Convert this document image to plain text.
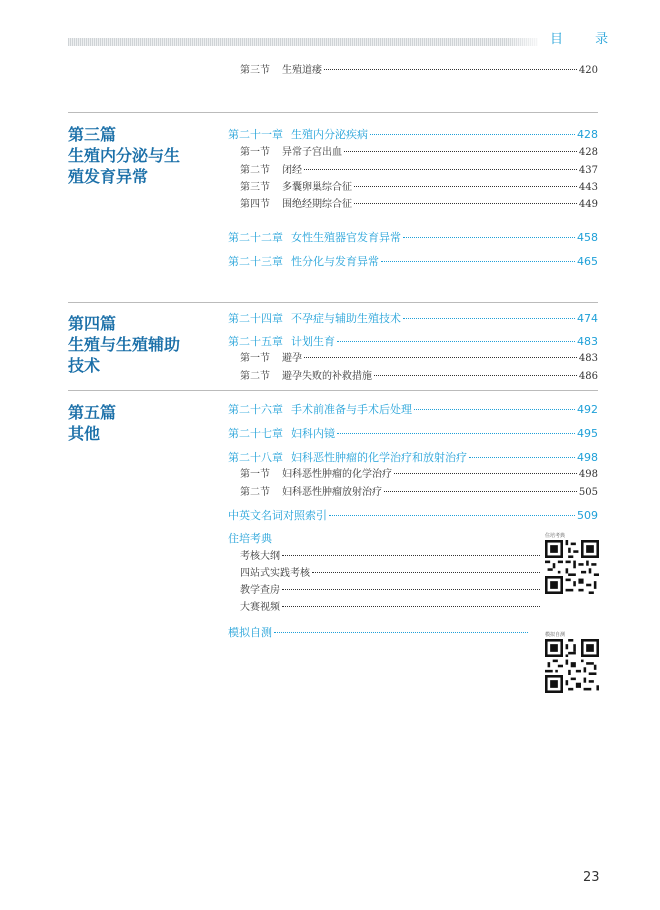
目 录
第三节 生殖道瘘	420
第三篇
生殖内分泌与生
殖发育异常
第二十一章 生殖内分泌疾病	428
第一节 异常子宫出血	428
第二节 闭经	437
第三节 多囊卵巢综合征	443
第四节 围绝经期综合征	449
第二十二章 女性生殖器官发育异常	458
第二十三章 性分化与发育异常	465
第四篇
生殖与生殖辅助
技术
第二十四章 不孕症与辅助生殖技术	474
第二十五章 计划生育	483
第一节 避孕	483
第二节 避孕失败的补救措施	486
第五篇
其他
第二十六章 手术前准备与手术后处理	492
第二十七章 妇科内镜	495
第二十八章 妇科恶性肿瘤的化学治疗和放射治疗	498
第一节 妇科恶性肿瘤的化学治疗	498
第二节 妇科恶性肿瘤放射治疗	505
中英文名词对照索引	509
住培考典
考核大纲
四站式实践考核
教学查房
大赛视频
模拟自测
住培考典
模拟自测
23
